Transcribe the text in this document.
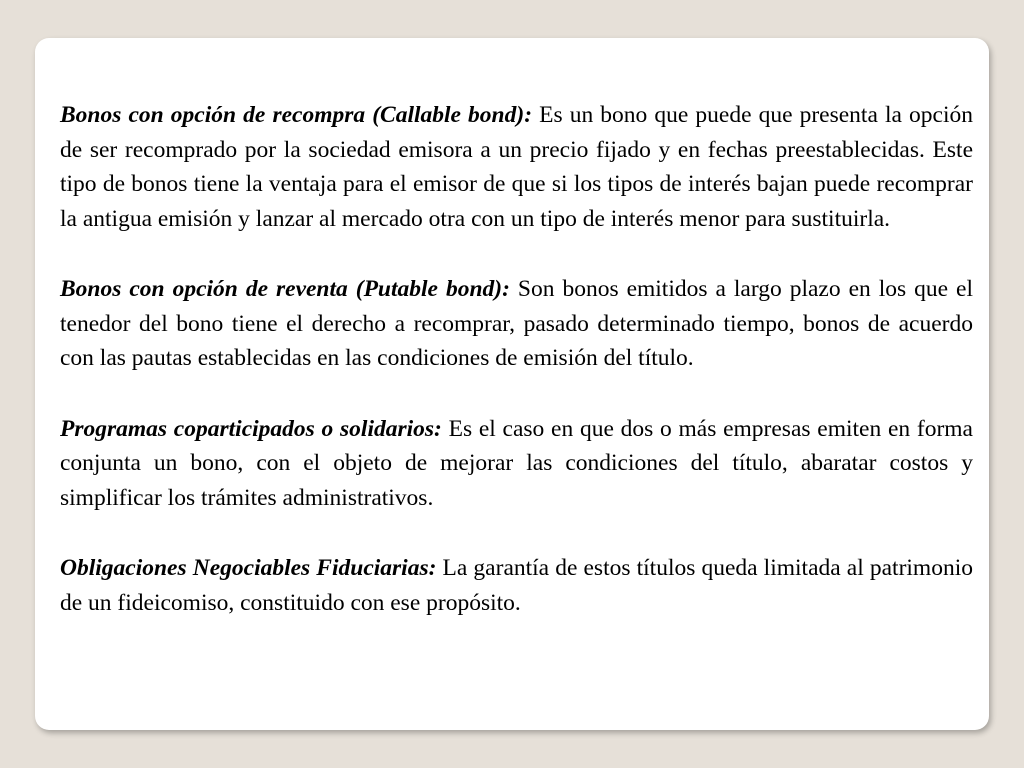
Bonos con opción de recompra (Callable bond): Es un bono que puede que presenta la opción de ser recomprado por la sociedad emisora a un precio fijado y en fechas preestablecidas. Este tipo de bonos tiene la ventaja para el emisor de que si los tipos de interés bajan puede recomprar la antigua emisión y lanzar al mercado otra con un tipo de interés menor para sustituirla.

Bonos con opción de reventa (Putable bond): Son bonos emitidos a largo plazo en los que el tenedor del bono tiene el derecho a recomprar, pasado determinado tiempo, bonos de acuerdo con las pautas establecidas en las condiciones de emisión del título.

Programas coparticipados o solidarios: Es el caso en que dos o más empresas emiten en forma conjunta un bono, con el objeto de mejorar las condiciones del título, abaratar costos y simplificar los trámites administrativos.

Obligaciones Negociables Fiduciarias: La garantía de estos títulos queda limitada al patrimonio de un fideicomiso, constituido con ese propósito.
